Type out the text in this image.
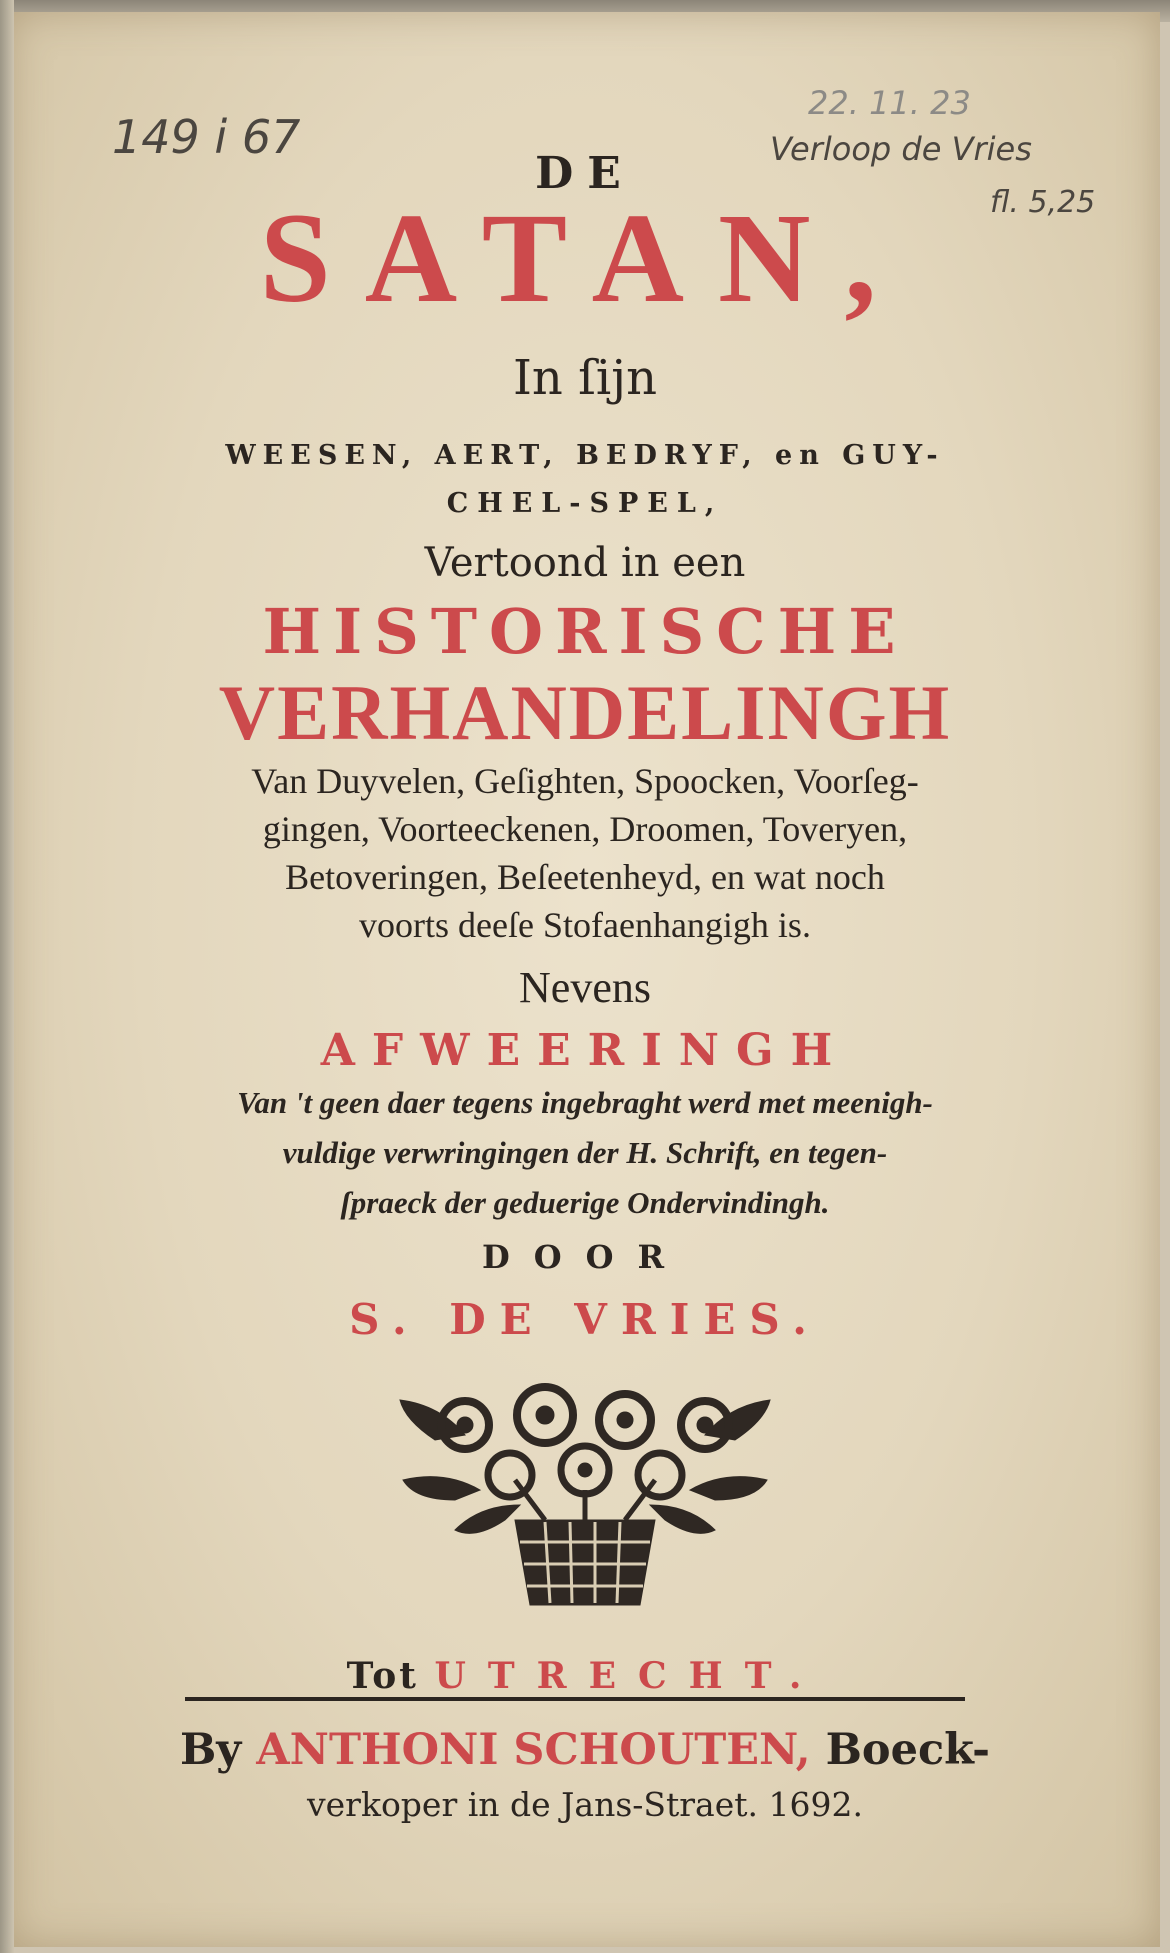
149 i 67
22. 11. 23
Verloop de Vries
fl. 5,25
DE
SATAN,
In ſijn
WEESEN, AERT, BEDRYF, en GUY-
CHEL-SPEL,
Vertoond in een
HISTORISCHE
VERHANDELINGH
Van Duyvelen, Geſighten, Spoocken, Voorſeg-
gingen, Voorteeckenen, Droomen, Toveryen,
Betoveringen, Beſeetenheyd, en wat noch
voorts deeſe Stofaenhangigh is.
Nevens
AFWEERINGH
Van 't geen daer tegens ingebraght werd met meenigh-
vuldige verwringingen der H. Schrift, en tegen-
ſpraeck der geduerige Ondervindingh.
DOOR
S. DE VRIES.
Tot UTRECHT.
By ANTHONI SCHOUTEN, Boeck-
verkoper in de Jans-Straet. 1692.
